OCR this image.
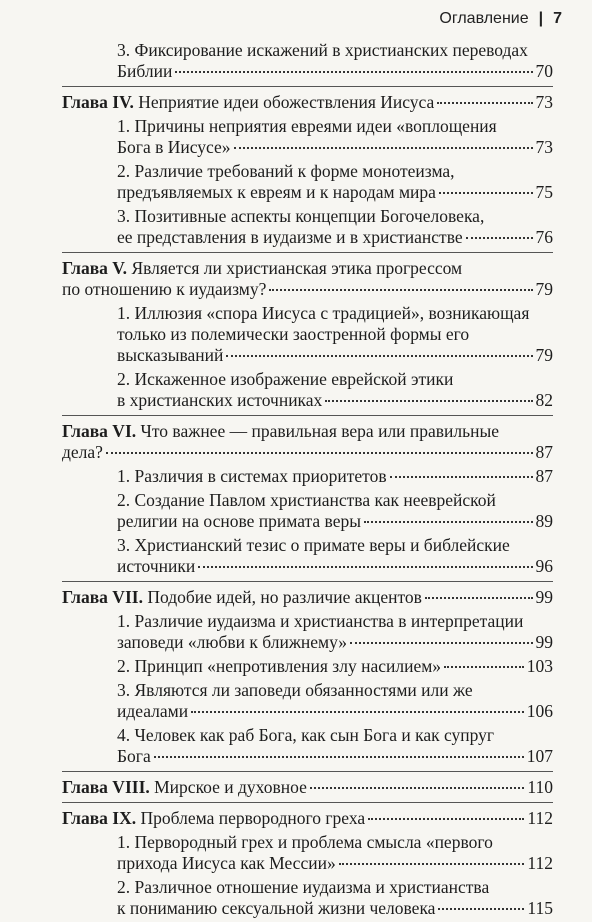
Оглавление | 7
3. Фиксирование искажений в христианских переводах
Библии	70
Глава IV. Неприятие идеи обожествления Иисуса	73
1. Причины неприятия евреями идеи «воплощения
Бога в Иисусе»	73
2. Различие требований к форме монотеизма,
предъявляемых к евреям и к народам мира	75
3. Позитивные аспекты концепции Богочеловека,
ее представления в иудаизме и в христианстве	76
Глава V. Является ли христианская этика прогрессом
по отношению к иудаизму?	79
1. Иллюзия «спора Иисуса с традицией», возникающая
только из полемически заостренной формы его
высказываний	79
2. Искаженное изображение еврейской этики
в христианских источниках	82
Глава VI. Что важнее — правильная вера или правильные
дела?	87
1. Различия в системах приоритетов	87
2. Создание Павлом христианства как нееврейской
религии на основе примата веры	89
3. Христианский тезис о примате веры и библейские
источники	96
Глава VII. Подобие идей, но различие акцентов	99
1. Различие иудаизма и христианства в интерпретации
заповеди «любви к ближнему»	99
2. Принцип «непротивления злу насилием»	103
3. Являются ли заповеди обязанностями или же
идеалами	106
4. Человек как раб Бога, как сын Бога и как супруг
Бога	107
Глава VIII. Мирское и духовное	110
Глава IX. Проблема первородного греха	112
1. Первородный грех и проблема смысла «первого
прихода Иисуса как Мессии»	112
2. Различное отношение иудаизма и христианства
к пониманию сексуальной жизни человека	115
